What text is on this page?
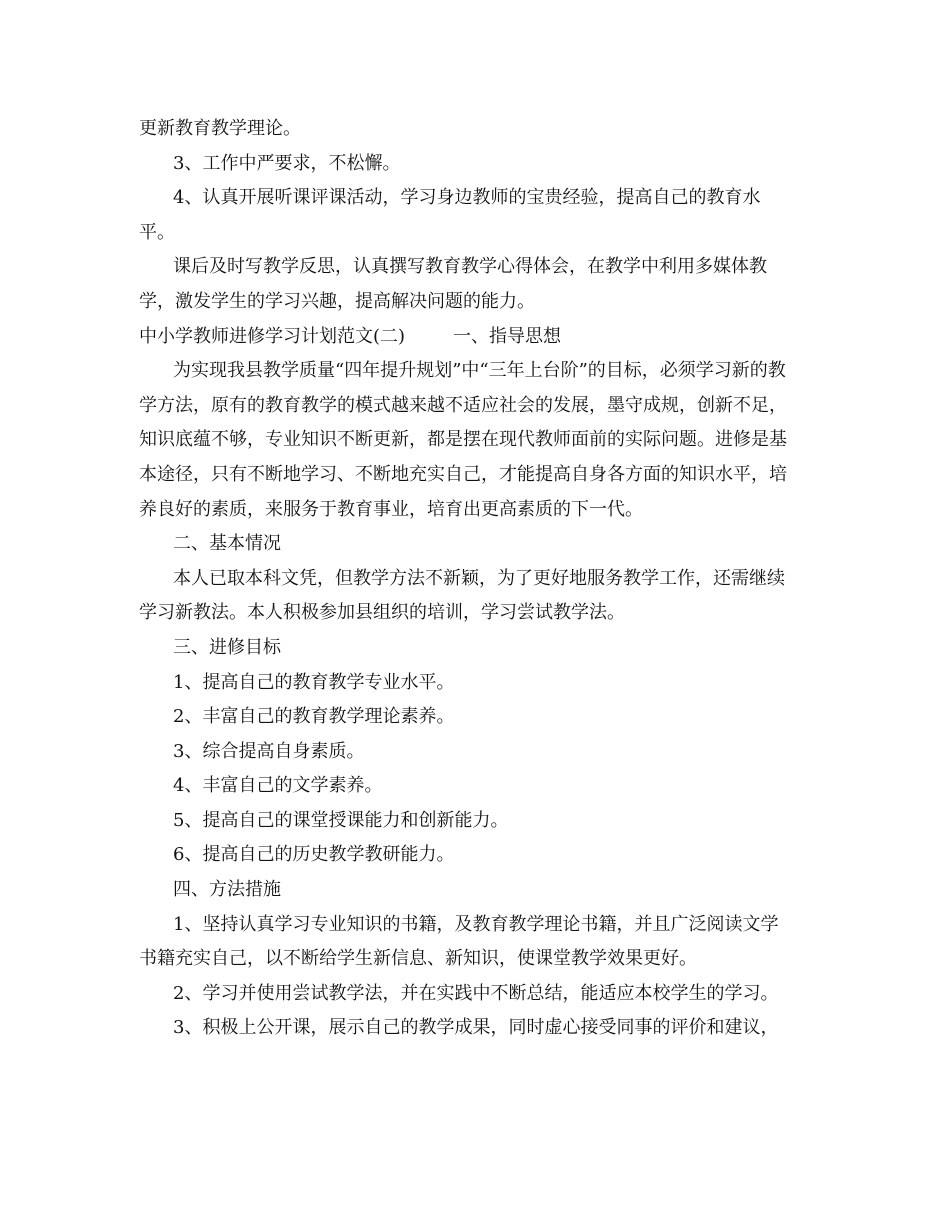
更新教育教学理论。

3、工作中严要求，不松懈。

4、认真开展听课评课活动，学习身边教师的宝贵经验，提高自己的教育水

平。

课后及时写教学反思，认真撰写教育教学心得体会，在教学中利用多媒体教

学，激发学生的学习兴趣，提高解决问题的能力。

中小学教师进修学习计划范文(二)	一、指导思想

为实现我县教学质量“四年提升规划”中“三年上台阶”的目标，必须学习新的教

学方法，原有的教育教学的模式越来越不适应社会的发展，墨守成规，创新不足，

知识底蕴不够，专业知识不断更新，都是摆在现代教师面前的实际问题。进修是基

本途径，只有不断地学习、不断地充实自己，才能提高自身各方面的知识水平，培

养良好的素质，来服务于教育事业，培育出更高素质的下一代。

二、基本情况

本人已取本科文凭，但教学方法不新颖，为了更好地服务教学工作，还需继续

学习新教法。本人积极参加县组织的培训，学习尝试教学法。

三、进修目标

1、提高自己的教育教学专业水平。

2、丰富自己的教育教学理论素养。

3、综合提高自身素质。

4、丰富自己的文学素养。

5、提高自己的课堂授课能力和创新能力。

6、提高自己的历史教学教研能力。

四、方法措施

1、坚持认真学习专业知识的书籍，及教育教学理论书籍，并且广泛阅读文学

书籍充实自己，以不断给学生新信息、新知识，使课堂教学效果更好。

2、学习并使用尝试教学法，并在实践中不断总结，能适应本校学生的学习。

3、积极上公开课，展示自己的教学成果，同时虚心接受同事的评价和建议，
